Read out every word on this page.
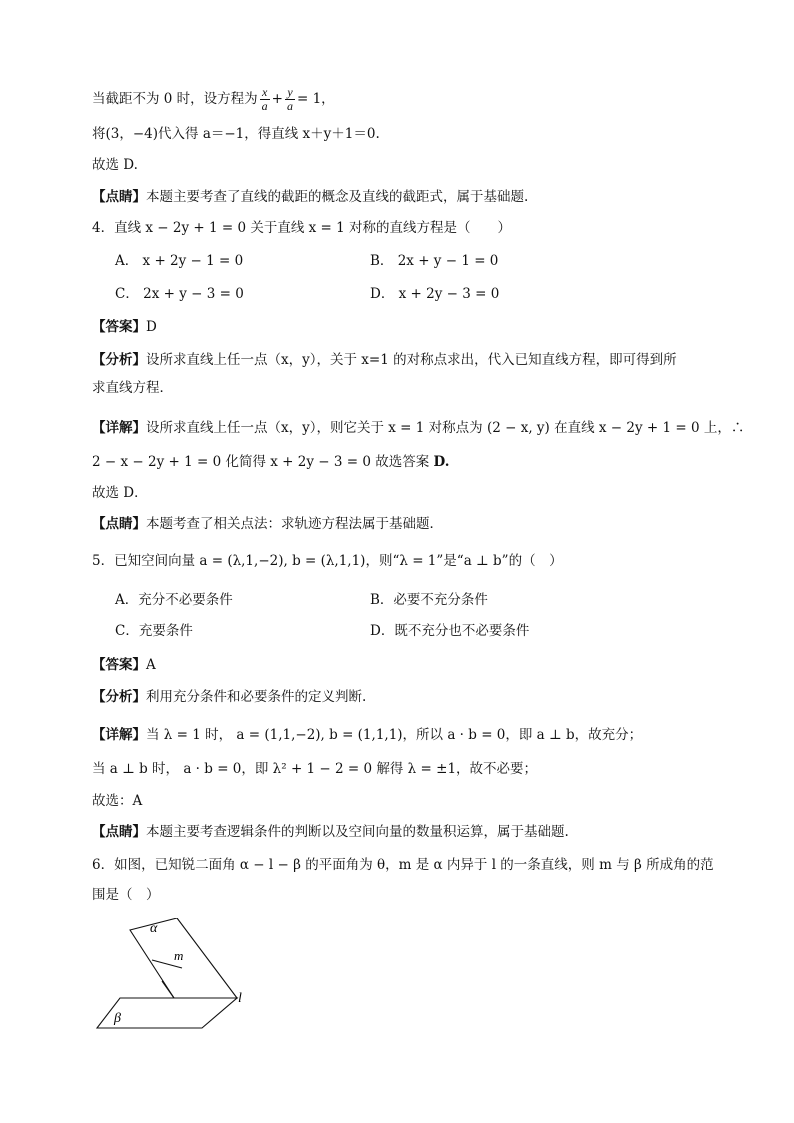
当截距不为 0 时，设方程为 $\frac{x}{a} + \frac{y}{a} = 1$，
将(3，−4)代入得 a＝−1，得直线 x＋y＋1＝0.
故选 D.
【点睛】本题主要考查了直线的截距的概念及直线的截距式，属于基础题.
4．直线 x − 2y + 1 = 0 关于直线 x = 1 对称的直线方程是（　　）
A． x + 2y − 1 = 0	B． 2x + y − 1 = 0
C． 2x + y − 3 = 0	D． x + 2y − 3 = 0
【答案】D
【分析】设所求直线上任一点（x，y），关于 x=1 的对称点求出，代入已知直线方程，即可得到所
求直线方程．
【详解】设所求直线上任一点（x，y），则它关于 x = 1 对称点为 (2 − x, y) 在直线 x − 2y + 1 = 0 上，∴
2 − x − 2y + 1 = 0 化简得 x + 2y − 3 = 0 故选答案 D.
故选 D．
【点睛】本题考查了相关点法：求轨迹方程法属于基础题．
5．已知空间向量 a = (λ,1,−2), b = (λ,1,1)，则“λ = 1”是“a ⊥ b”的（　）
A．充分不必要条件	B．必要不充分条件
C．充要条件	D．既不充分也不必要条件
【答案】A
【分析】利用充分条件和必要条件的定义判断.
【详解】当 λ = 1 时， a = (1,1,−2), b = (1,1,1)，所以 a · b = 0，即 a ⊥ b，故充分；
当 a ⊥ b 时， a · b = 0，即 λ² + 1 − 2 = 0 解得 λ = ±1，故不必要；
故选：A
【点睛】本题主要考查逻辑条件的判断以及空间向量的数量积运算，属于基础题.
6．如图，已知锐二面角 α − l − β 的平面角为 θ，m 是 α 内异于 l 的一条直线，则 m 与 β 所成角的范
围是（　）
α
m
l
β
